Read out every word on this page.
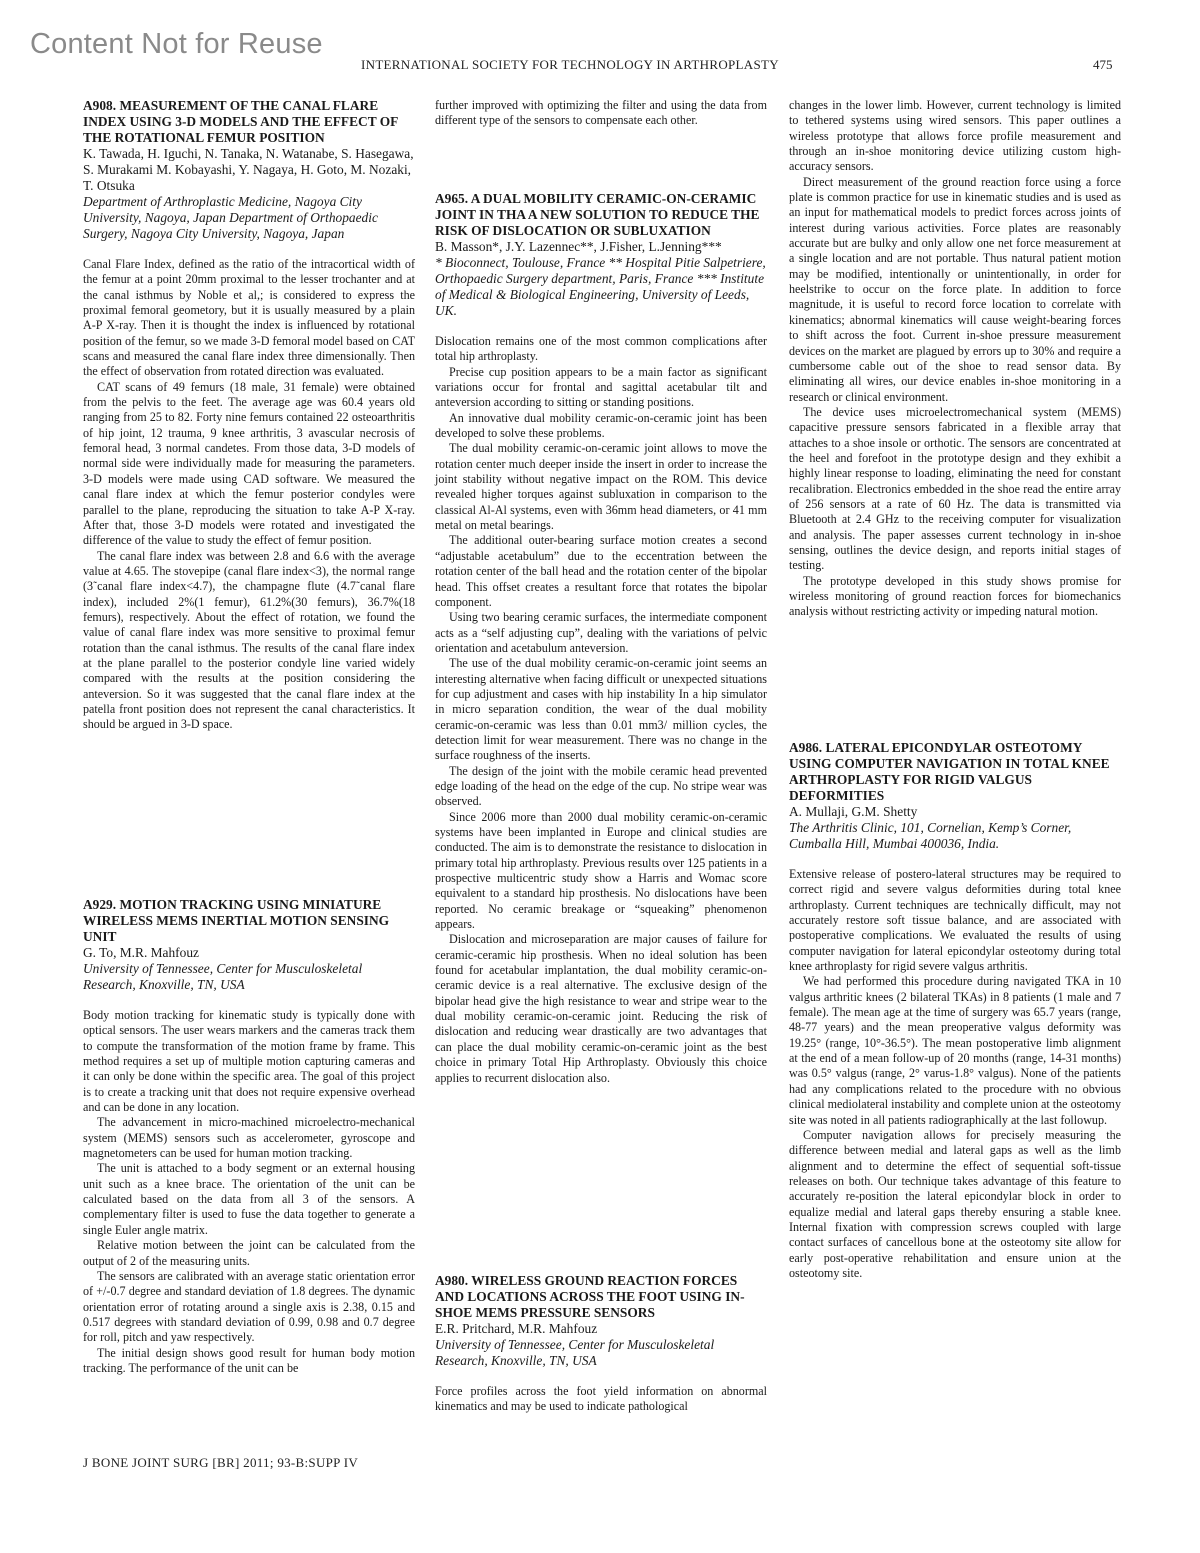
Content Not for Reuse
INTERNATIONAL SOCIETY FOR TECHNOLOGY IN ARTHROPLASTY	475

A908. MEASUREMENT OF THE CANAL FLARE INDEX USING 3-D MODELS AND THE EFFECT OF THE ROTATIONAL FEMUR POSITION

K. Tawada, H. Iguchi, N. Tanaka, N. Watanabe, S. Hasegawa, S. Murakami M. Kobayashi, Y. Nagaya, H. Goto, M. Nozaki, T. Otsuka

Department of Arthroplastic Medicine, Nagoya City University, Nagoya, Japan Department of Orthopaedic Surgery, Nagoya City University, Nagoya, Japan

Canal Flare Index, defined as the ratio of the intracortical width of the femur at a point 20mm proximal to the lesser trochanter and at the canal isthmus by Noble et al,; is considered to express the proximal femoral geometory, but it is usually measured by a plain A-P X-ray. Then it is thought the index is influenced by rotational position of the femur, so we made 3-D femoral model based on CAT scans and measured the canal flare index three dimensionally. Then the effect of observation from rotated direction was evaluated.

CAT scans of 49 femurs (18 male, 31 female) were obtained from the pelvis to the feet. The average age was 60.4 years old ranging from 25 to 82. Forty nine femurs contained 22 osteoarthritis of hip joint, 12 trauma, 9 knee arthritis, 3 avascular necrosis of femoral head, 3 normal candetes. From those data, 3-D models of normal side were individually made for measuring the parameters. 3-D models were made using CAD software. We measured the canal flare index at which the femur posterior condyles were parallel to the plane, reproducing the situation to take A-P X-ray. After that, those 3-D models were rotated and investigated the difference of the value to study the effect of femur position.

The canal flare index was between 2.8 and 6.6 with the average value at 4.65. The stovepipe (canal flare index<3), the normal range (3˜canal flare index<4.7), the champagne flute (4.7˜canal flare index), included 2%(1 femur), 61.2%(30 femurs), 36.7%(18 femurs), respectively. About the effect of rotation, we found the value of canal flare index was more sensitive to proximal femur rotation than the canal isthmus. The results of the canal flare index at the plane parallel to the posterior condyle line varied widely compared with the results at the position considering the anteversion. So it was suggested that the canal flare index at the patella front position does not represent the canal characteristics. It should be argued in 3-D space.

A929. MOTION TRACKING USING MINIATURE WIRELESS MEMS INERTIAL MOTION SENSING UNIT

G. To, M.R. Mahfouz

University of Tennessee, Center for Musculoskeletal Research, Knoxville, TN, USA

Body motion tracking for kinematic study is typically done with optical sensors. The user wears markers and the cameras track them to compute the transformation of the motion frame by frame. This method requires a set up of multiple motion capturing cameras and it can only be done within the specific area. The goal of this project is to create a tracking unit that does not require expensive overhead and can be done in any location.

The advancement in micro-machined microelectro-mechanical system (MEMS) sensors such as accelerometer, gyroscope and magnetometers can be used for human motion tracking.

The unit is attached to a body segment or an external housing unit such as a knee brace. The orientation of the unit can be calculated based on the data from all 3 of the sensors. A complementary filter is used to fuse the data together to generate a single Euler angle matrix.

Relative motion between the joint can be calculated from the output of 2 of the measuring units.

The sensors are calibrated with an average static orientation error of +/-0.7 degree and standard deviation of 1.8 degrees. The dynamic orientation error of rotating around a single axis is 2.38, 0.15 and 0.517 degrees with standard deviation of 0.99, 0.98 and 0.7 degree for roll, pitch and yaw respectively.

The initial design shows good result for human body motion tracking. The performance of the unit can be

further improved with optimizing the filter and using the data from different type of the sensors to compensate each other.

A965. A DUAL MOBILITY CERAMIC-ON-CERAMIC JOINT IN THA A NEW SOLUTION TO REDUCE THE RISK OF DISLOCATION OR SUBLUXATION

B. Masson*, J.Y. Lazennec**, J.Fisher, L.Jenning***

* Bioconnect, Toulouse, France ** Hospital Pitie Salpetriere, Orthopaedic Surgery department, Paris, France *** Institute of Medical & Biological Engineering, University of Leeds, UK.

Dislocation remains one of the most common complications after total hip arthroplasty.

Precise cup position appears to be a main factor as significant variations occur for frontal and sagittal acetabular tilt and anteversion according to sitting or standing positions.

An innovative dual mobility ceramic-on-ceramic joint has been developed to solve these problems.

The dual mobility ceramic-on-ceramic joint allows to move the rotation center much deeper inside the insert in order to increase the joint stability without negative impact on the ROM. This device revealed higher torques against subluxation in comparison to the classical Al-Al systems, even with 36mm head diameters, or 41 mm metal on metal bearings.

The additional outer-bearing surface motion creates a second “adjustable acetabulum” due to the eccentration between the rotation center of the ball head and the rotation center of the bipolar head. This offset creates a resultant force that rotates the bipolar component.

Using two bearing ceramic surfaces, the intermediate component acts as a “self adjusting cup”, dealing with the variations of pelvic orientation and acetabulum anteversion.

The use of the dual mobility ceramic-on-ceramic joint seems an interesting alternative when facing difficult or unexpected situations for cup adjustment and cases with hip instability In a hip simulator in micro separation condition, the wear of the dual mobility ceramic-on-ceramic was less than 0.01 mm3/ million cycles, the detection limit for wear measurement. There was no change in the surface roughness of the inserts.

The design of the joint with the mobile ceramic head prevented edge loading of the head on the edge of the cup. No stripe wear was observed.

Since 2006 more than 2000 dual mobility ceramic-on-ceramic systems have been implanted in Europe and clinical studies are conducted. The aim is to demonstrate the resistance to dislocation in primary total hip arthroplasty. Previous results over 125 patients in a prospective multicentric study show a Harris and Womac score equivalent to a standard hip prosthesis. No dislocations have been reported. No ceramic breakage or “squeaking” phenomenon appears.

Dislocation and microseparation are major causes of failure for ceramic-ceramic hip prosthesis. When no ideal solution has been found for acetabular implantation, the dual mobility ceramic-on-ceramic device is a real alternative. The exclusive design of the bipolar head give the high resistance to wear and stripe wear to the dual mobility ceramic-on-ceramic joint. Reducing the risk of dislocation and reducing wear drastically are two advantages that can place the dual mobility ceramic-on-ceramic joint as the best choice in primary Total Hip Arthroplasty. Obviously this choice applies to recurrent dislocation also.

A980. WIRELESS GROUND REACTION FORCES AND LOCATIONS ACROSS THE FOOT USING IN-SHOE MEMS PRESSURE SENSORS

E.R. Pritchard, M.R. Mahfouz

University of Tennessee, Center for Musculoskeletal Research, Knoxville, TN, USA

Force profiles across the foot yield information on abnormal kinematics and may be used to indicate pathological

changes in the lower limb. However, current technology is limited to tethered systems using wired sensors. This paper outlines a wireless prototype that allows force profile measurement and through an in-shoe monitoring device utilizing custom high-accuracy sensors.

Direct measurement of the ground reaction force using a force plate is common practice for use in kinematic studies and is used as an input for mathematical models to predict forces across joints of interest during various activities. Force plates are reasonably accurate but are bulky and only allow one net force measurement at a single location and are not portable. Thus natural patient motion may be modified, intentionally or unintentionally, in order for heelstrike to occur on the force plate. In addition to force magnitude, it is useful to record force location to correlate with kinematics; abnormal kinematics will cause weight-bearing forces to shift across the foot. Current in-shoe pressure measurement devices on the market are plagued by errors up to 30% and require a cumbersome cable out of the shoe to read sensor data. By eliminating all wires, our device enables in-shoe monitoring in a research or clinical environment.

The device uses microelectromechanical system (MEMS) capacitive pressure sensors fabricated in a flexible array that attaches to a shoe insole or orthotic. The sensors are concentrated at the heel and forefoot in the prototype design and they exhibit a highly linear response to loading, eliminating the need for constant recalibration. Electronics embedded in the shoe read the entire array of 256 sensors at a rate of 60 Hz. The data is transmitted via Bluetooth at 2.4 GHz to the receiving computer for visualization and analysis. The paper assesses current technology in in-shoe sensing, outlines the device design, and reports initial stages of testing.

The prototype developed in this study shows promise for wireless monitoring of ground reaction forces for biomechanics analysis without restricting activity or impeding natural motion.

A986. LATERAL EPICONDYLAR OSTEOTOMY USING COMPUTER NAVIGATION IN TOTAL KNEE ARTHROPLASTY FOR RIGID VALGUS DEFORMITIES

A. Mullaji, G.M. Shetty

The Arthritis Clinic, 101, Cornelian, Kemp’s Corner, Cumballa Hill, Mumbai 400036, India.

Extensive release of postero-lateral structures may be required to correct rigid and severe valgus deformities during total knee arthroplasty. Current techniques are technically difficult, may not accurately restore soft tissue balance, and are associated with postoperative complications. We evaluated the results of using computer navigation for lateral epicondylar osteotomy during total knee arthroplasty for rigid severe valgus arthritis.

We had performed this procedure during navigated TKA in 10 valgus arthritic knees (2 bilateral TKAs) in 8 patients (1 male and 7 female). The mean age at the time of surgery was 65.7 years (range, 48-77 years) and the mean preoperative valgus deformity was 19.25° (range, 10°-36.5°). The mean postoperative limb alignment at the end of a mean follow-up of 20 months (range, 14-31 months) was 0.5° valgus (range, 2° varus-1.8° valgus). None of the patients had any complications related to the procedure with no obvious clinical mediolateral instability and complete union at the osteotomy site was noted in all patients radiographically at the last followup.

Computer navigation allows for precisely measuring the difference between medial and lateral gaps as well as the limb alignment and to determine the effect of sequential soft-tissue releases on both. Our technique takes advantage of this feature to accurately re-position the lateral epicondylar block in order to equalize medial and lateral gaps thereby ensuring a stable knee. Internal fixation with compression screws coupled with large contact surfaces of cancellous bone at the osteotomy site allow for early post-operative rehabilitation and ensure union at the osteotomy site.

J BONE JOINT SURG [BR] 2011; 93-B:SUPP IV
